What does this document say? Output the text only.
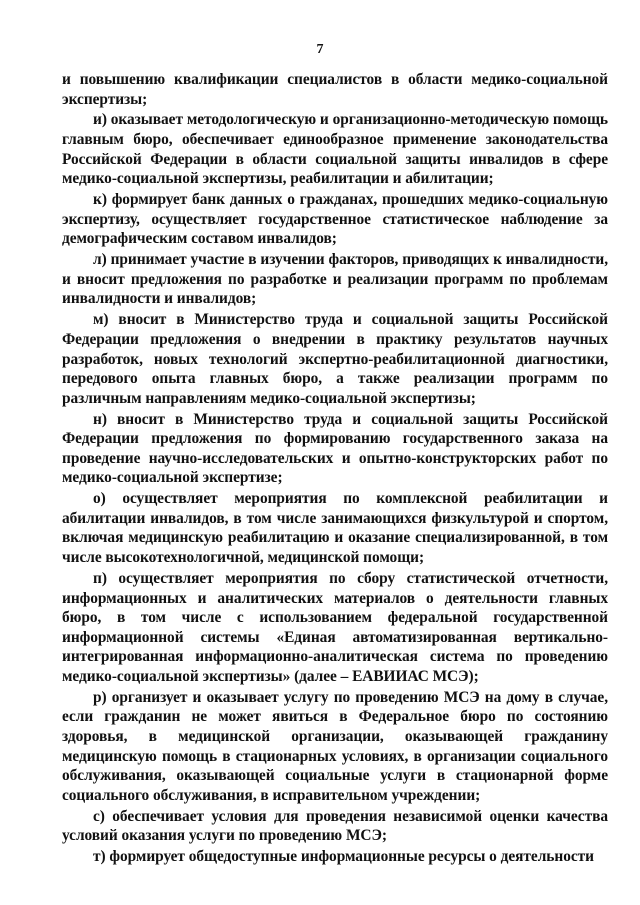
7

и повышению квалификации специалистов в области медико-социальной экспертизы;

и) оказывает методологическую и организационно-методическую помощь главным бюро, обеспечивает единообразное применение законодательства Российской Федерации в области социальной защиты инвалидов в сфере медико-социальной экспертизы, реабилитации и абилитации;

к) формирует банк данных о гражданах, прошедших медико-социальную экспертизу, осуществляет государственное статистическое наблюдение за демографическим составом инвалидов;

л) принимает участие в изучении факторов, приводящих к инвалидности, и вносит предложения по разработке и реализации программ по проблемам инвалидности и инвалидов;

м) вносит в Министерство труда и социальной защиты Российской Федерации предложения о внедрении в практику результатов научных разработок, новых технологий экспертно-реабилитационной диагностики, передового опыта главных бюро, а также реализации программ по различным направлениям медико-социальной экспертизы;

н) вносит в Министерство труда и социальной защиты Российской Федерации предложения по формированию государственного заказа на проведение научно-исследовательских и опытно-конструкторских работ по медико-социальной экспертизе;

о) осуществляет мероприятия по комплексной реабилитации и абилитации инвалидов, в том числе занимающихся физкультурой и спортом, включая медицинскую реабилитацию и оказание специализированной, в том числе высокотехнологичной, медицинской помощи;

п) осуществляет мероприятия по сбору статистической отчетности, информационных и аналитических материалов о деятельности главных бюро, в том числе с использованием федеральной государственной информационной системы «Единая автоматизированная вертикально-интегрированная информационно-аналитическая система по проведению медико-социальной экспертизы» (далее – ЕАВИИАС МСЭ);

р) организует и оказывает услугу по проведению МСЭ на дому в случае, если гражданин не может явиться в Федеральное бюро по состоянию здоровья, в медицинской организации, оказывающей гражданину медицинскую помощь в стационарных условиях, в организации социального обслуживания, оказывающей социальные услуги в стационарной форме социального обслуживания, в исправительном учреждении;

с) обеспечивает условия для проведения независимой оценки качества условий оказания услуги по проведению МСЭ;

т) формирует общедоступные информационные ресурсы о деятельности
